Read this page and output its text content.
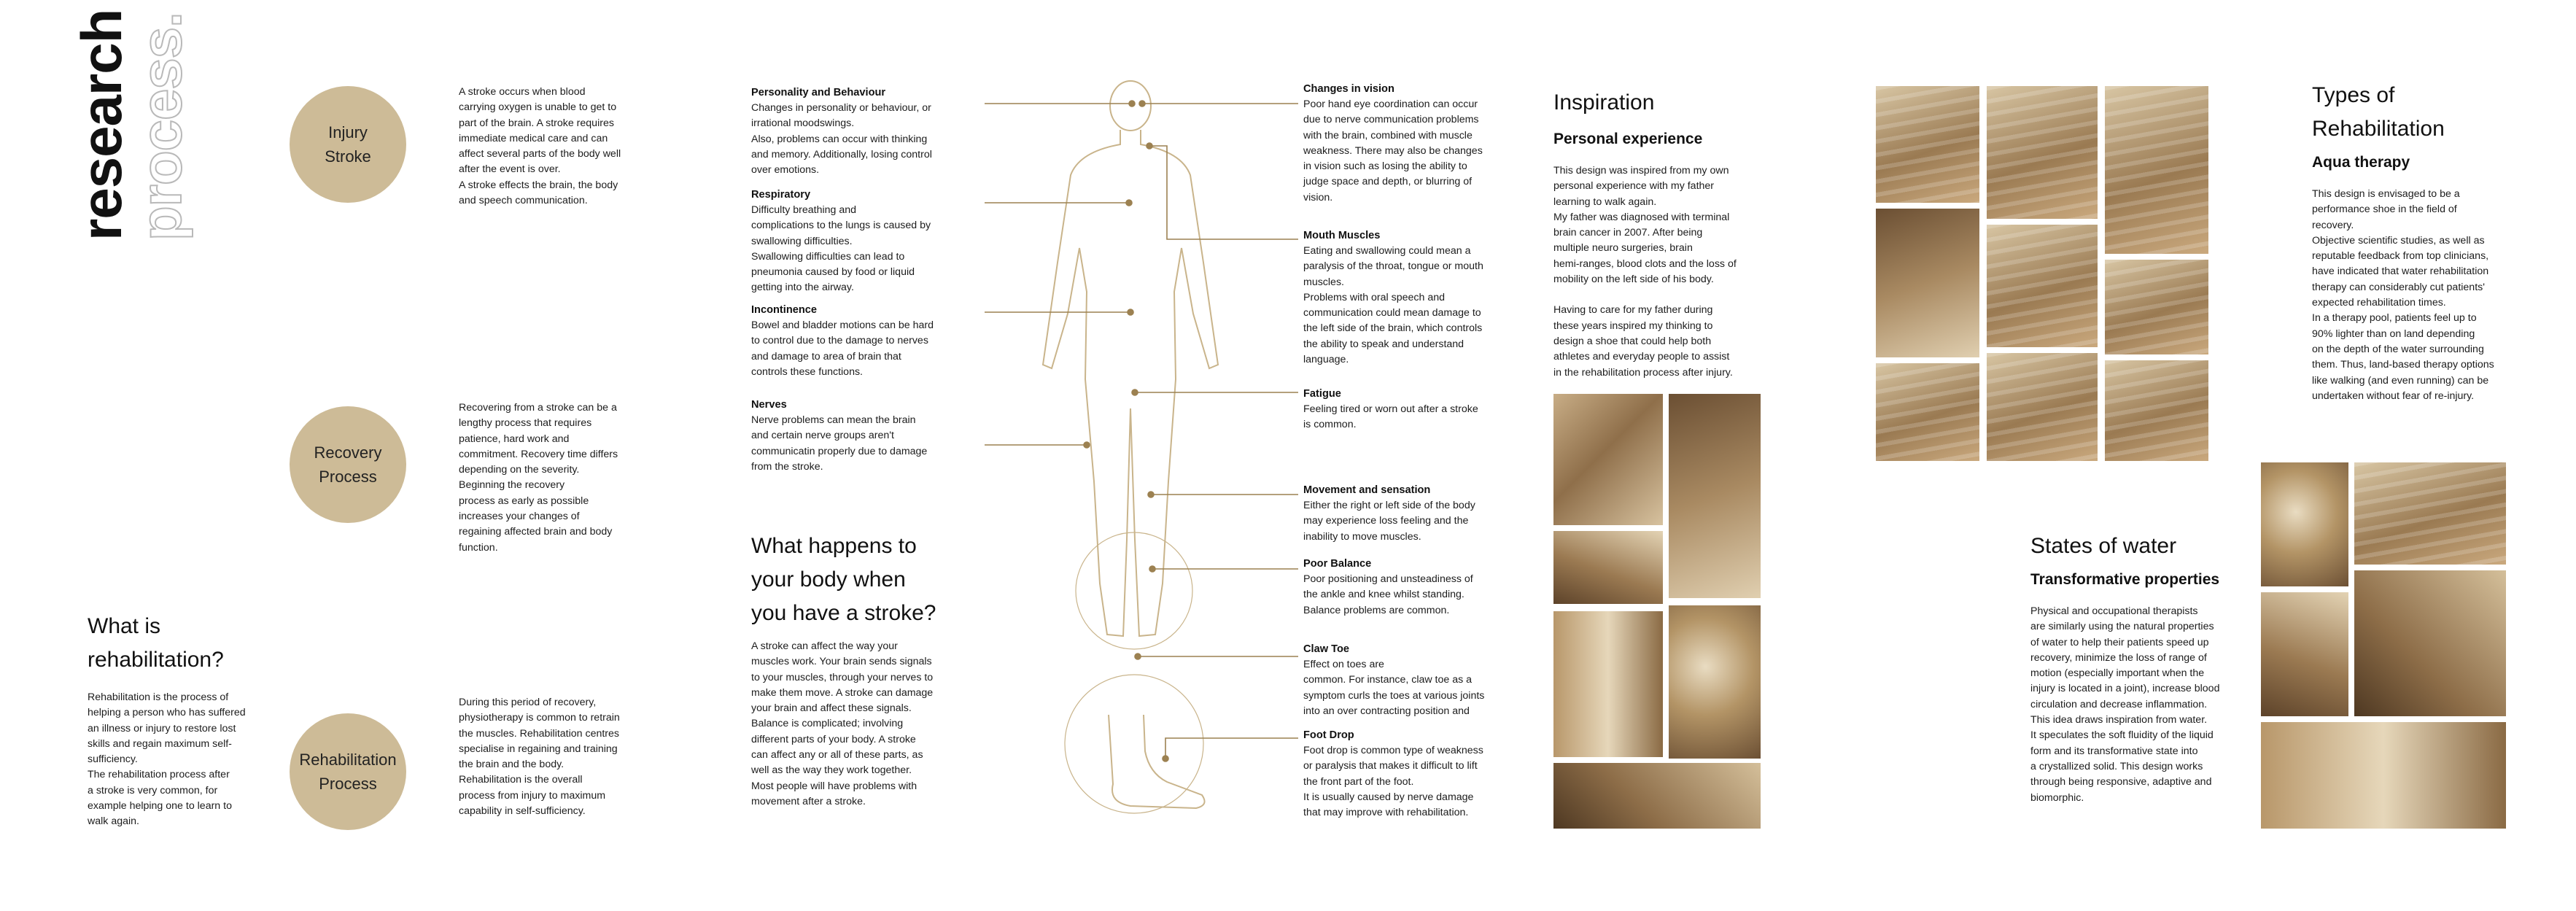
research
process.	Injury
Stroke
Recovery
Process
Rehabilitation
Process
A stroke occurs when blood
carrying oxygen is unable to get to
part of the brain. A stroke requires
immediate medical care and can
affect several parts of the body well
after the event is over.
A stroke effects the brain, the body
and speech communication.
Recovering from a stroke can be a
lengthy process that requires
patience, hard work and
commitment. Recovery time differs
depending on the severity.
Beginning the recovery
process as early as possible
increases your changes of
regaining affected brain and body
function.
During this period of recovery,
physiotherapy is common to retrain
the muscles. Rehabilitation centres
specialise in regaining and training
the brain and the body.
Rehabilitation is the overall
process from injury to maximum
capability in self-sufficiency.
What is
rehabilitation?
Rehabilitation is the process of
helping a person who has suffered
an illness or injury to restore lost
skills and regain maximum self-
sufficiency.
The rehabilitation process after
a stroke is very common, for
example helping one to learn to
walk again.
Personality and Behaviour
Changes in personality or behaviour, or
irrational moodswings.
Also, problems can occur with thinking
and memory. Additionally, losing control
over emotions.
Respiratory
Difficulty breathing and
complications to the lungs is caused by
swallowing difficulties.
Swallowing difficulties can lead to
pneumonia caused by food or liquid
getting into the airway.
Incontinence
Bowel and bladder motions can be hard
to control due to the damage to nerves
and damage to area of brain that
controls these functions.
Nerves
Nerve problems can mean the brain
and certain nerve groups aren't
communicatin properly due to damage
from the stroke.
What happens to
your body when
you have a stroke?
A stroke can affect the way your
muscles work. Your brain sends signals
to your muscles, through your nerves to
make them move. A stroke can damage
your brain and affect these signals.
Balance is complicated; involving
different parts of your body. A stroke
can affect any or all of these parts, as
well as the way they work together.
Most people will have problems with
movement after a stroke.
Changes in vision
Poor hand eye coordination can occur
due to nerve communication problems
with the brain, combined with muscle
weakness. There may also be changes
in vision such as losing the ability to
judge space and depth, or blurring of
vision.
Mouth Muscles
Eating and swallowing could mean a
paralysis of the throat, tongue or mouth
muscles.
Problems with oral speech and
communication could mean damage to
the left side of the brain, which controls
the ability to speak and understand
language.
Fatigue
Feeling tired or worn out after a stroke
is common.
Movement and sensation
Either the right or left side of the body
may experience loss feeling and the
inability to move muscles.
Poor Balance
Poor positioning and unsteadiness of
the ankle and knee whilst standing.
Balance problems are common.
Claw Toe
Effect on toes are
common. For instance, claw toe as a
symptom curls the toes at various joints
into an over contracting position and
Foot Drop
Foot drop is common type of weakness
or paralysis that makes it difficult to lift
the front part of the foot.
It is usually caused by nerve damage
that may improve with rehabilitation.
Inspiration
Personal experience
This design was inspired from my own
personal experience with my father
learning to walk again.
My father was diagnosed with terminal
brain cancer in 2007. After being
multiple neuro surgeries, brain
hemi-ranges, blood clots and the loss of
mobility on the left side of his body.
Having to care for my father during
these years inspired my thinking to
design a shoe that could help both
athletes and everyday people to assist
in the rehabilitation process after injury.
Types of
Rehabilitation
Aqua therapy
This design is envisaged to be a
performance shoe in the field of
recovery.
Objective scientific studies, as well as
reputable feedback from top clinicians,
have indicated that water rehabilitation
therapy can considerably cut patients'
expected rehabilitation times.
In a therapy pool, patients feel up to
90% lighter than on land depending
on the depth of the water surrounding
them. Thus, land-based therapy options
like walking (and even running) can be
undertaken without fear of re-injury.
States of water
Transformative properties
Physical and occupational therapists
are similarly using the natural properties
of water to help their patients speed up
recovery, minimize the loss of range of
motion (especially important when the
injury is located in a joint), increase blood
circulation and decrease inflammation.
This idea draws inspiration from water.
It speculates the soft fluidity of the liquid
form and its transformative state into
a crystallized solid. This design works
through being responsive, adaptive and
biomorphic.
